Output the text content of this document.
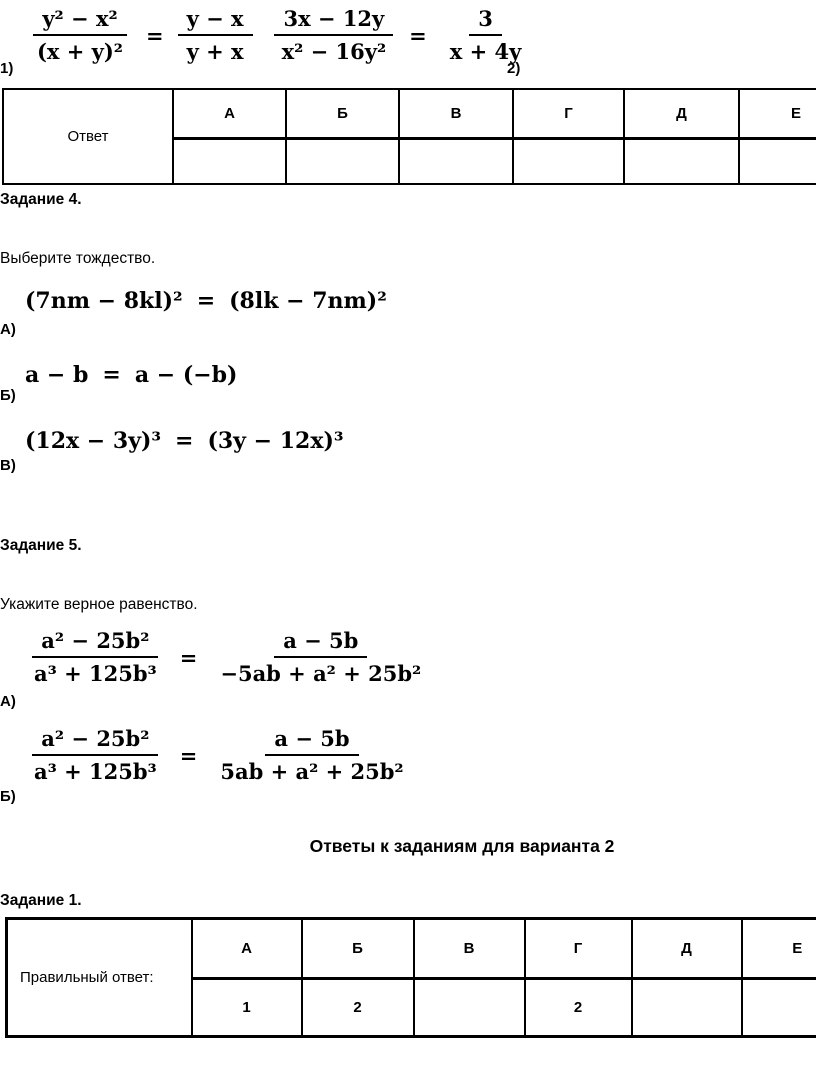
$\frac{\text{y² − x²}}{\text{(x + y)²}} = \frac{y - x}{y + x} \frac{3x - 12y}{\text{x² − 16y²}} = \frac{3}{x + 4y}$
1)	2)
Ответ	А	Б	В	Г	Д	Е

Задание 4.
Выберите тождество.
А)
(7nm − 8kl)² = (8lk − 7nm)²
Б)
a − b = a − (−b)
В)
(12x − 3y)³ = (3y − 12x)³
Задание 5.
Укажите верное равенство.
А)
$\frac{\text{a² − 25b²}}{\text{a³ + 125b³}} = \frac{a - 5b}{\text{−5ab + a² + 25b²}}$
Б)
$\frac{\text{a² − 25b²}}{\text{a³ + 125b³}} = \frac{a - 5b}{\text{5ab + a² + 25b²}}$
Ответы к заданиям для варианта 2
Задание 1.
Правильный ответ:	А	Б	В	Г	Д	Е
	1	2		2		
